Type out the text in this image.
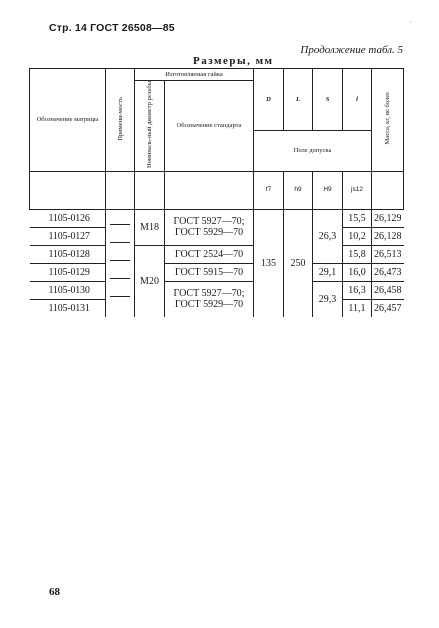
Стр. 14 ГОСТ 26508—85	·
Продолжение табл. 5
Размеры, мм
Обозначение матрицы	Примени-мость	Изготовляемая гайка		D	L	S	l	Масса, кг, не более
		Номиналь-ный диаметр резьбы	Обозначение стандарта					
				Поле допуска				
				f7	h9	H9	js12	
1105-0126		M18	ГОСТ 5927—70;
ГОСТ 5929—70	135	250	26,3	15,5	26,129
1105-0127							10,2	26,128
1105-0128		M20	ГОСТ 2524—70				15,8	26,513
1105-0129			ГОСТ 5915—70			29,1	16,0	26,473
1105-0130			ГОСТ 5927—70;
ГОСТ 5929—70			29,3	16,3	26,458
1105-0131							11,1	26,457
68
